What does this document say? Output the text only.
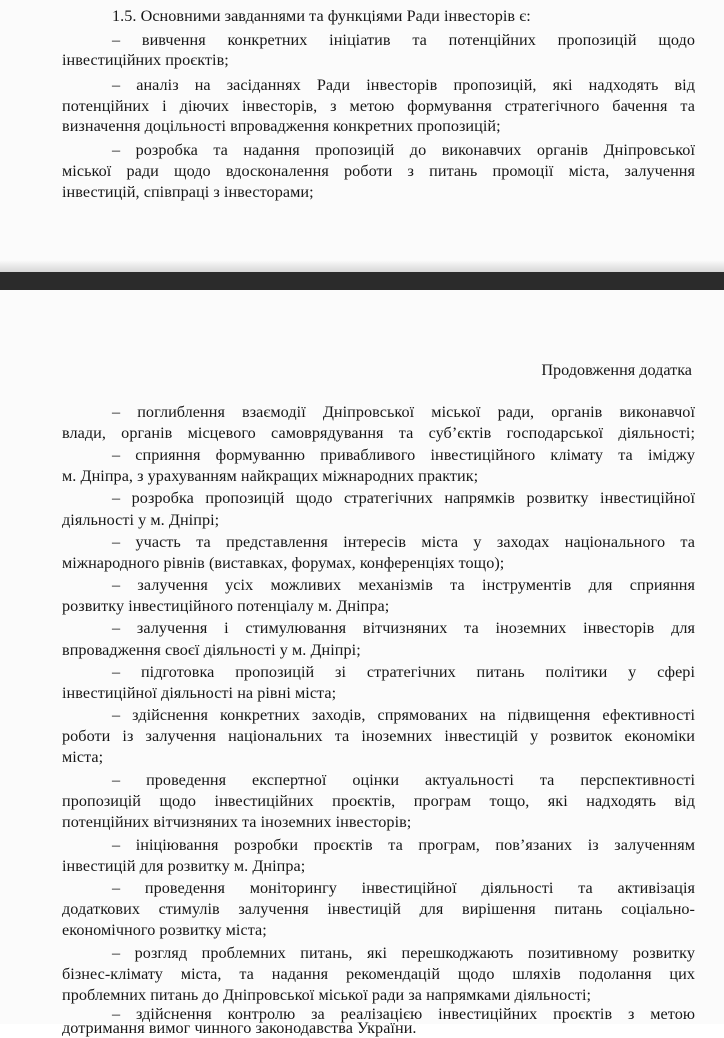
1.5. Основними завданнями та функціями Ради інвесторів є:
– вивчення конкретних ініціатив та потенційних пропозицій щодо
інвестиційних проєктів;
– аналіз на засіданнях Ради інвесторів пропозицій, які надходять від
потенційних і діючих інвесторів, з метою формування стратегічного бачення та
визначення доцільності впровадження конкретних пропозицій;
– розробка та надання пропозицій до виконавчих органів Дніпровської
міської ради щодо вдосконалення роботи з питань промоції міста, залучення
інвестицій, співпраці з інвесторами;
Продовження додатка
– поглиблення взаємодії Дніпровської міської ради, органів виконавчої
влади, органів місцевого самоврядування та суб’єктів господарської діяльності;
– сприяння формуванню привабливого інвестиційного клімату та іміджу
м. Дніпра, з урахуванням найкращих міжнародних практик;
– розробка пропозицій щодо стратегічних напрямків розвитку інвестиційної
діяльності у м. Дніпрі;
– участь та представлення інтересів міста у заходах національного та
міжнародного рівнів (виставках, форумах, конференціях тощо);
– залучення усіх можливих механізмів та інструментів для сприяння
розвитку інвестиційного потенціалу м. Дніпра;
– залучення і стимулювання вітчизняних та іноземних інвесторів для
впровадження своєї діяльності у м. Дніпрі;
– підготовка пропозицій зі стратегічних питань політики у сфері
інвестиційної діяльності на рівні міста;
– здійснення конкретних заходів, спрямованих на підвищення ефективності
роботи із залучення національних та іноземних інвестицій у розвиток економіки
міста;
– проведення експертної оцінки актуальності та перспективності
пропозицій щодо інвестиційних проєктів, програм тощо, які надходять від
потенційних вітчизняних та іноземних інвесторів;
– ініціювання розробки проєктів та програм, пов’язаних із залученням
інвестицій для розвитку м. Дніпра;
– проведення моніторингу інвестиційної діяльності та активізація
додаткових стимулів залучення інвестицій для вирішення питань соціально-
економічного розвитку міста;
– розгляд проблемних питань, які перешкоджають позитивному розвитку
бізнес-клімату міста, та надання рекомендацій щодо шляхів подолання цих
проблемних питань до Дніпровської міської ради за напрямками діяльності;
– здійснення контролю за реалізацією інвестиційних проєктів з метою
дотримання вимог чинного законодавства України.
